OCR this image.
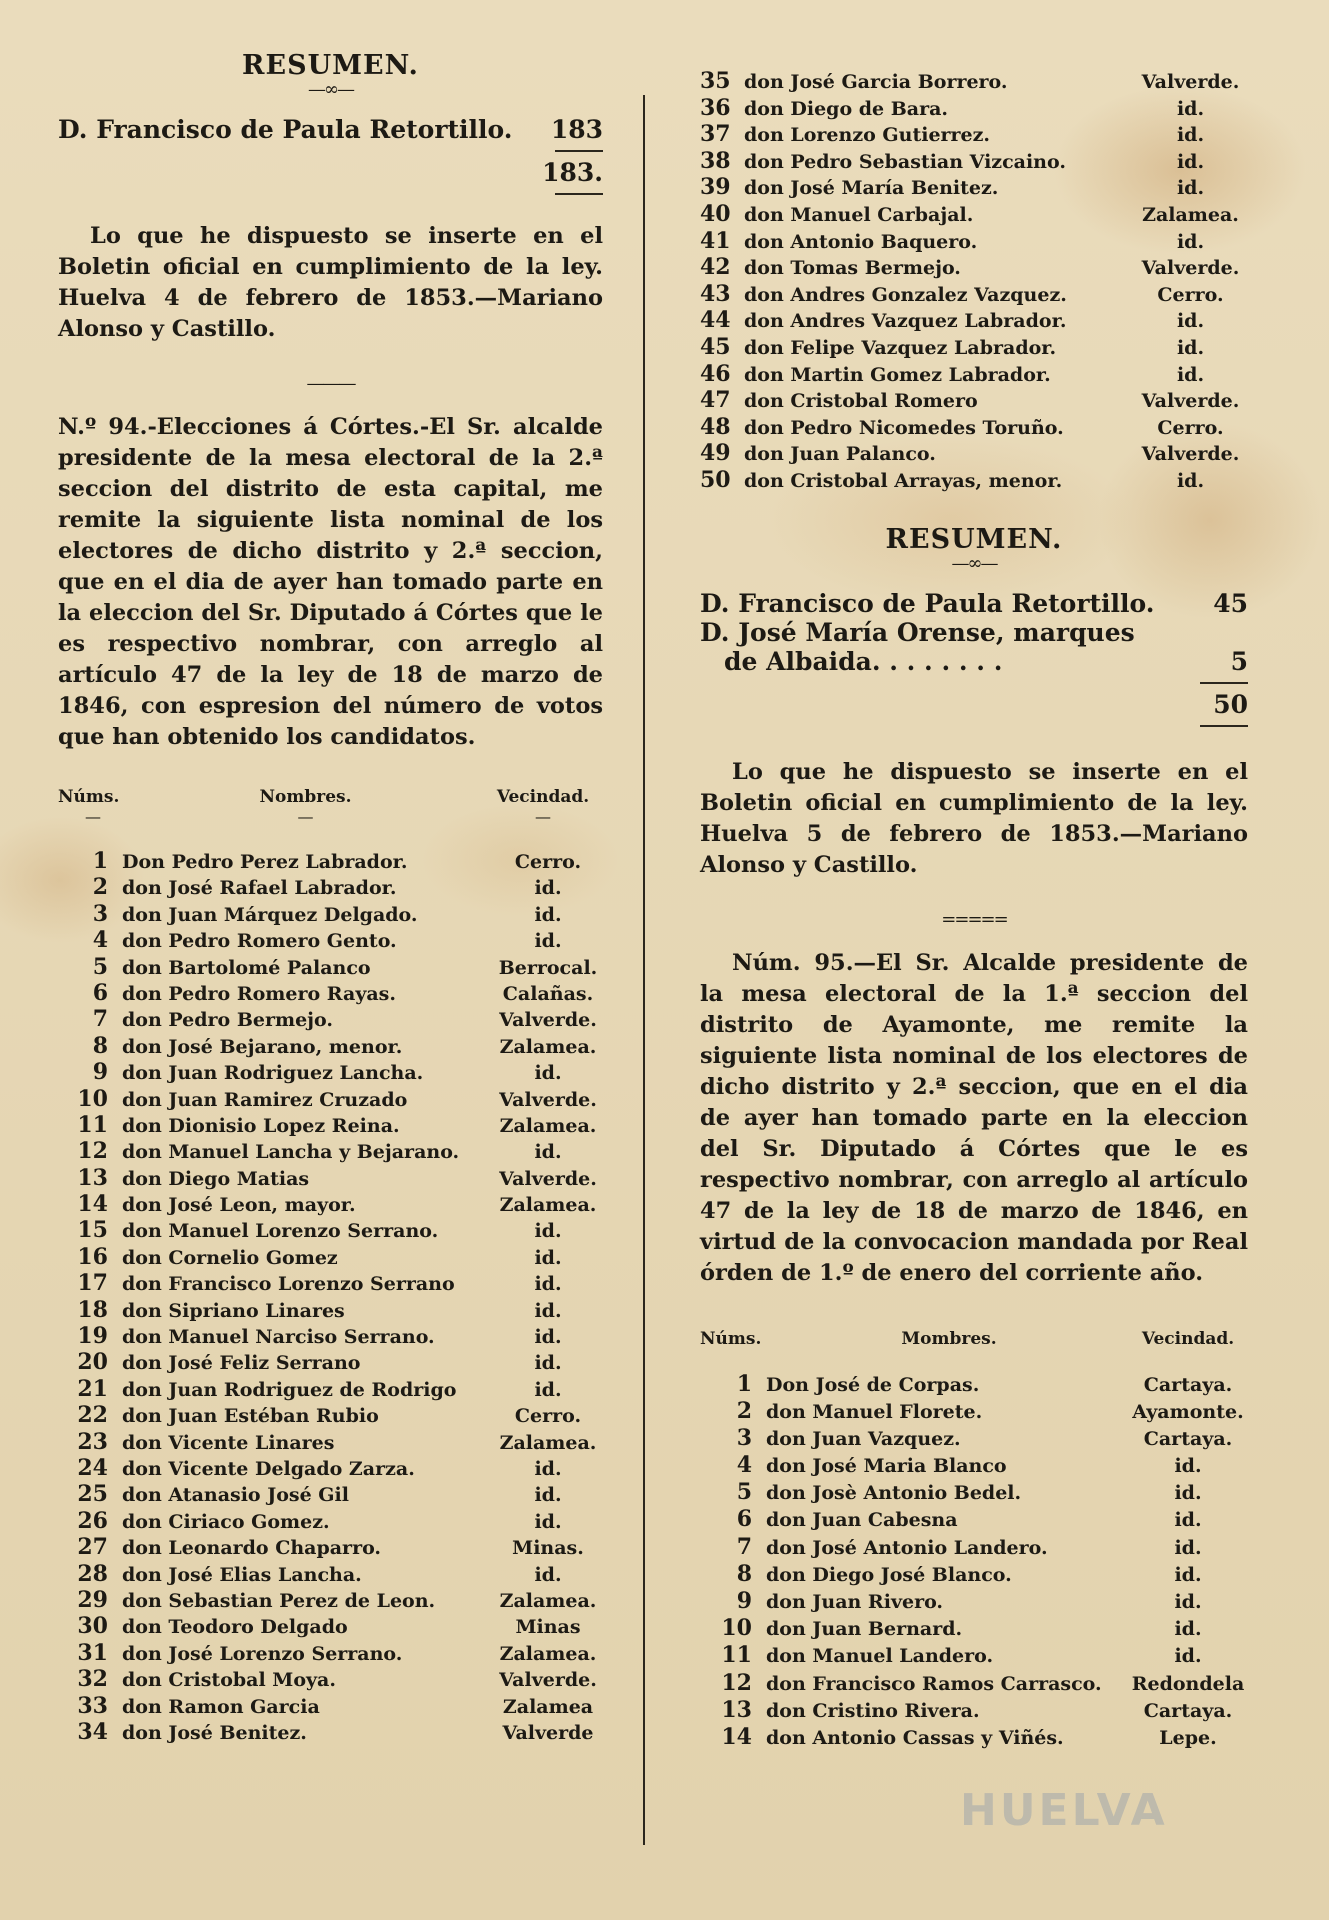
RESUMEN.
—∞—
D. Francisco de Paula Retortillo.	183
183.

Lo que he dispuesto se inserte en el Boletin oficial en cumplimiento de la ley. Huelva 4 de febrero de 1853.—Mariano Alonso y Castillo.

———

N.º 94.-Elecciones á Córtes.-El Sr. alcalde presidente de la mesa electoral de la 2.ª seccion del distrito de esta capital, me remite la siguiente lista nominal de los electores de dicho distrito y 2.ª seccion, que en el dia de ayer han tomado parte en la eleccion del Sr. Diputado á Córtes que le es respectivo nombrar, con arreglo al artículo 47 de la ley de 18 de marzo de 1846, con espresion del número de votos que han obtenido los candidatos.

Núms.	Nombres.	Vecindad.
—	—	—
1 Don Pedro Perez Labrador.	Cerro.
2 don José Rafael Labrador.	id.
3 don Juan Márquez Delgado.	id.
4 don Pedro Romero Gento.	id.
5 don Bartolomé Palanco	Berrocal.
6 don Pedro Romero Rayas.	Calañas.
7 don Pedro Bermejo.	Valverde.
8 don José Bejarano, menor.	Zalamea.
9 don Juan Rodriguez Lancha.	id.
10 don Juan Ramirez Cruzado	Valverde.
11 don Dionisio Lopez Reina.	Zalamea.
12 don Manuel Lancha y Bejarano.	id.
13 don Diego Matias	Valverde.
14 don José Leon, mayor.	Zalamea.
15 don Manuel Lorenzo Serrano.	id.
16 don Cornelio Gomez	id.
17 don Francisco Lorenzo Serrano	id.
18 don Sipriano Linares	id.
19 don Manuel Narciso Serrano.	id.
20 don José Feliz Serrano	id.
21 don Juan Rodriguez de Rodrigo	id.
22 don Juan Estéban Rubio	Cerro.
23 don Vicente Linares	Zalamea.
24 don Vicente Delgado Zarza.	id.
25 don Atanasio José Gil	id.
26 don Ciriaco Gomez.	id.
27 don Leonardo Chaparro.	Minas.
28 don José Elias Lancha.	id.
29 don Sebastian Perez de Leon.	Zalamea.
30 don Teodoro Delgado	Minas
31 don José Lorenzo Serrano.	Zalamea.
32 don Cristobal Moya.	Valverde.
33 don Ramon Garcia	Zalamea
34 don José Benitez.	Valverde
35 don José Garcia Borrero.	Valverde.
36 don Diego de Bara.	id.
37 don Lorenzo Gutierrez.	id.
38 don Pedro Sebastian Vizcaino.	id.
39 don José María Benitez.	id.
40 don Manuel Carbajal.	Zalamea.
41 don Antonio Baquero.	id.
42 don Tomas Bermejo.	Valverde.
43 don Andres Gonzalez Vazquez.	Cerro.
44 don Andres Vazquez Labrador.	id.
45 don Felipe Vazquez Labrador.	id.
46 don Martin Gomez Labrador.	id.
47 don Cristobal Romero	Valverde.
48 don Pedro Nicomedes Toruño.	Cerro.
49 don Juan Palanco.	Valverde.
50 don Cristobal Arrayas, menor.	id.
RESUMEN.
—∞—
D. Francisco de Paula Retortillo.	45
D. José María Orense, marques
de Albaida. . . . . . . .	5
50

Lo que he dispuesto se inserte en el Boletin oficial en cumplimiento de la ley. Huelva 5 de febrero de 1853.—Mariano Alonso y Castillo.

=====

Núm. 95.—El Sr. Alcalde presidente de la mesa electoral de la 1.ª seccion del distrito de Ayamonte, me remite la siguiente lista nominal de los electores de dicho distrito y 2.ª seccion, que en el dia de ayer han tomado parte en la eleccion del Sr. Diputado á Córtes que le es respectivo nombrar, con arreglo al artículo 47 de la ley de 18 de marzo de 1846, en virtud de la convocacion mandada por Real órden de 1.º de enero del corriente año.

Núms.	Mombres.	Vecindad.
1 Don José de Corpas.	Cartaya.
2 don Manuel Florete.	Ayamonte.
3 don Juan Vazquez.	Cartaya.
4 don José Maria Blanco	id.
5 don Josè Antonio Bedel.	id.
6 don Juan Cabesna	id.
7 don José Antonio Landero.	id.
8 don Diego José Blanco.	id.
9 don Juan Rivero.	id.
10 don Juan Bernard.	id.
11 don Manuel Landero.	id.
12 don Francisco Ramos Carrasco.	Redondela
13 don Cristino Rivera.	Cartaya.
14 don Antonio Cassas y Viñés.	Lepe.
HUELVA
